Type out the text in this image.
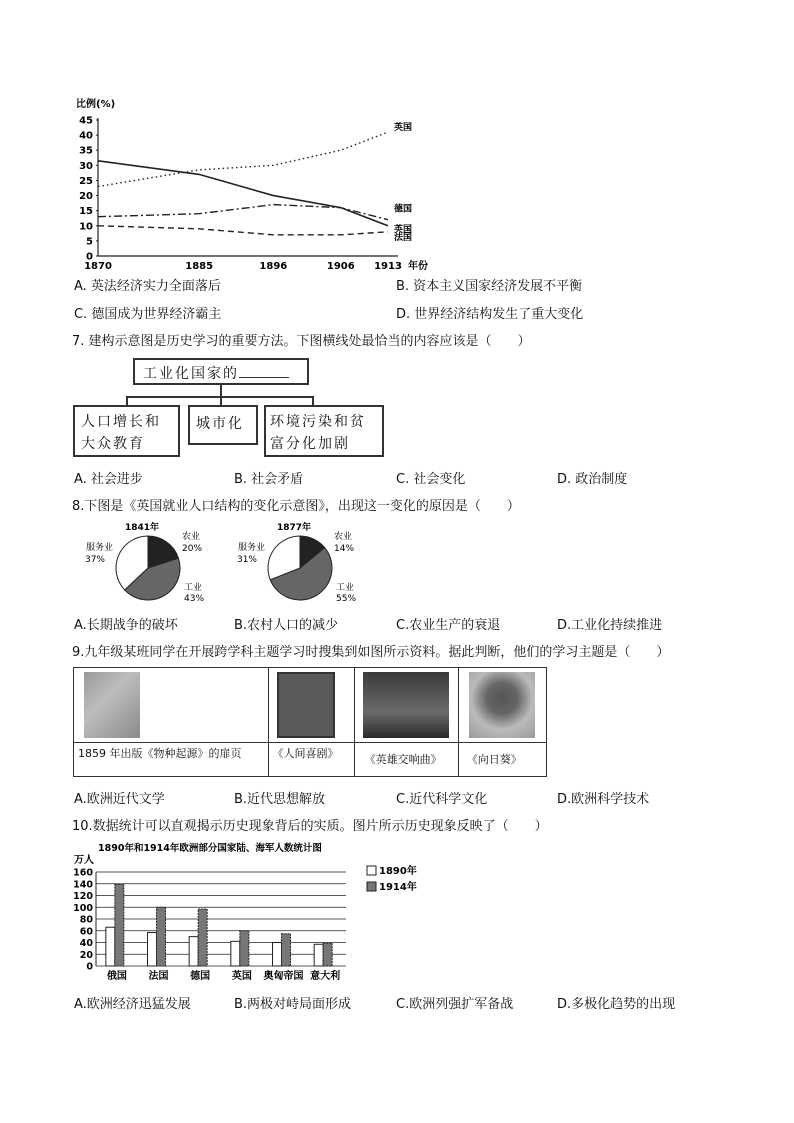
比例(%)
0
5
10
15
20
25
30
35
40
45
1870	1885	1896	1906 1913 年份
英国
德国
英国
法国
A. 英法经济实力全面落后	B. 资本主义国家经济发展不平衡
C. 德国成为世界经济霸主	D. 世界经济结构发生了重大变化
7. 建构示意图是历史学习的重要方法。下图横线处最恰当的内容应该是（　　）
工业化国家的
人口增长和大众教育
城市化	环境污染和贫富分化加剧
A. 社会进步	B. 社会矛盾	C. 社会变化	D. 政治制度
8.下图是《英国就业人口结构的变化示意图》，出现这一变化的原因是（　　）
1841年
农业
20%
工业
43%
服务业
37%
1877年
农业
14%
工业
55%
服务业
31%
A.长期战争的破坏	B.农村人口的减少	C.农业生产的衰退	D.工业化持续推进
9.九年级某班同学在开展跨学科主题学习时搜集到如图所示资料。据此判断，他们的学习主题是（　　）

1859 年出版《物种起源》的扉页	《人间喜剧》	《英雄交响曲》	《向日葵》
A.欧洲近代文学	B.近代思想解放	C.近代科学文化	D.欧洲科学技术
10.数据统计可以直观揭示历史现象背后的实质。图片所示历史现象反映了（　　）
1890年和1914年欧洲部分国家陆、海军人数统计图
万人
0
20
40
60
80
100
120
140
160
俄国 法国 德国 英国 奥匈帝国 意大利
1890年
1914年
A.欧洲经济迅猛发展	B.两极对峙局面形成	C.欧洲列强扩军备战	D.多极化趋势的出现
